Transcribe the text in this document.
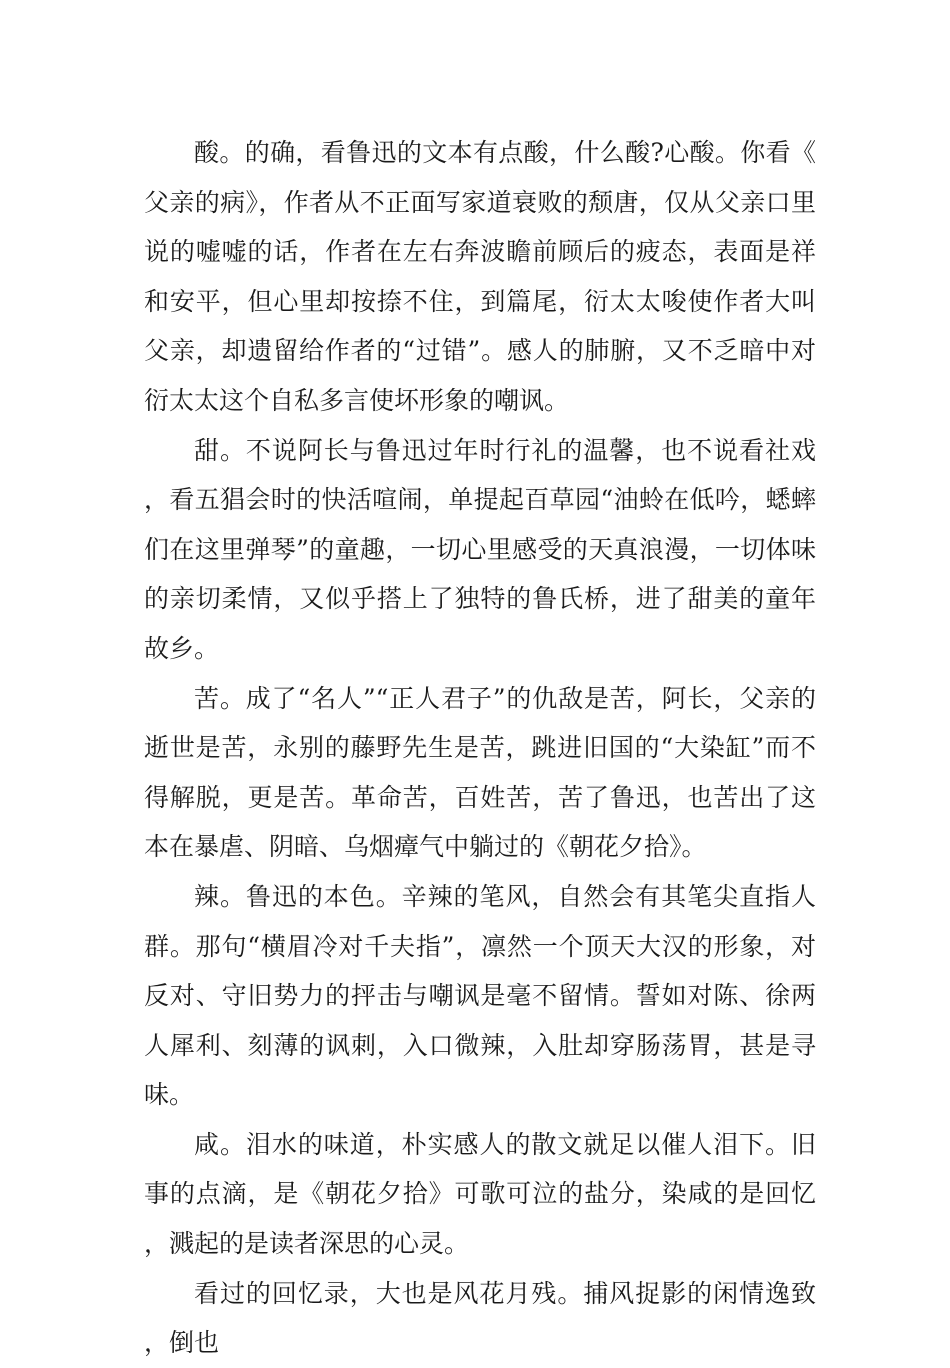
酸。的确，看鲁迅的文本有点酸，什么酸?心酸。你看《父亲的病》，作者从不正面写家道衰败的颓唐，仅从父亲口里说的嘘嘘的话，作者在左右奔波瞻前顾后的疲态，表面是祥和安平，但心里却按捺不住，到篇尾，衍太太唆使作者大叫父亲，却遗留给作者的“过错”。感人的肺腑，又不乏暗中对衍太太这个自私多言使坏形象的嘲讽。

甜。不说阿长与鲁迅过年时行礼的温馨，也不说看社戏，看五猖会时的快活喧闹，单提起百草园“油蛉在低吟，蟋蟀们在这里弹琴”的童趣，一切心里感受的天真浪漫，一切体味的亲切柔情，又似乎搭上了独特的鲁氏桥，进了甜美的童年故乡。

苦。成了“名人”“正人君子”的仇敌是苦，阿长，父亲的逝世是苦，永别的藤野先生是苦，跳进旧国的“大染缸”而不得解脱，更是苦。革命苦，百姓苦，苦了鲁迅，也苦出了这本在暴虐、阴暗、乌烟瘴气中躺过的《朝花夕拾》。

辣。鲁迅的本色。辛辣的笔风，自然会有其笔尖直指人群。那句“横眉冷对千夫指”，凛然一个顶天大汉的形象，对反对、守旧势力的抨击与嘲讽是毫不留情。誓如对陈、徐两人犀利、刻薄的讽刺，入口微辣，入肚却穿肠荡胃，甚是寻味。

咸。泪水的味道，朴实感人的散文就足以催人泪下。旧事的点滴，是《朝花夕拾》可歌可泣的盐分，染咸的是回忆，溅起的是读者深思的心灵。

看过的回忆录，大也是风花月残。捕风捉影的闲情逸致，倒也
